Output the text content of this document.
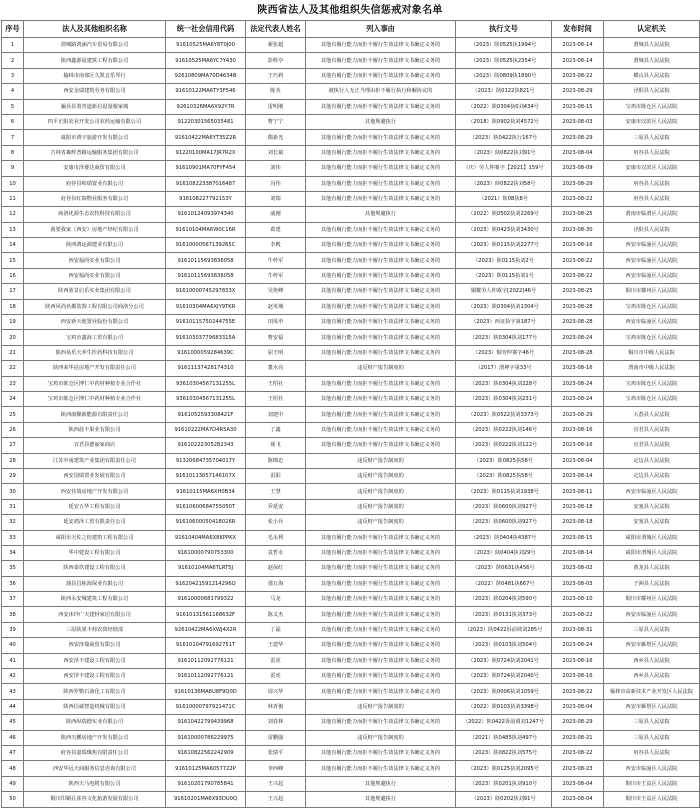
陕西省法人及其他组织失信惩戒对象名单
序号	法人及其他组织名称	统一社会信用代码	法定代表人姓名	列入事由	执行文号	发布时间	认定机关
1	渭城路鸿涵汽车贸易有限公司	91610525MA6Y8T0J00	翟张超	其他有履行能力而拒不履行生效法律文书确定义务的	（2023）陕0525执1994号	2023-08-14	渭城县人民法院
2	陕西鑫源晨建筑工程有限公司	91610525MA6YC7Y430	彭辉亭	其他有履行能力而拒不履行生效法律文书确定义务的	（2023）陕0525执2354号	2023-08-14	渭城县人民法院
3	榆林市南郊区久凯音乐琴行	92610809MA70D4634B	王巧莉	其他有履行能力而拒不履行生效法律文书确定义务的	（2023）陕0809执1890号	2023-08-22	横山县人民法院
4	西安金瑞建筑劳务有限公司	91610122MA6TY3F546	陈英	被执行人无正当理由拒不履行执行和解协议的	（2023）陕0122执821号	2023-08-29	泾阳县人民法院
5	骊县县着青道新启设量服家城	92610326MA6X92Y7R	雷明刚	其他有履行能力而拒不履行生效法律文书确定义务的	（2022）陕0304执0刘434号	2023-08-15	宝鸡市陈仓区人民法院
6	四平正阳农业开发公司农药运输有限公司	91220301565035481	曹宁宁	其他规避执行	（2018）陕0902执刘4572号	2023-08-03	安康市汉滨区人民法院
7	咸阳市鸿宇旅游开发有限公司	91610422MA6YT35Z2R	隋新光	其他有履行能力而拒不履行生效法律文书确定义务的	（2023）陕0422执行167号	2023-08-29	三原县人民法院
8	吉林省森辉普路运输服务集团有限公司	91220100MA17JR7R2X	刘长斌	其他有履行能力而拒不履行生效法律文书确定义务的	（2023）陕0822执刘91号	2023-08-04	府谷县人民法院
9	安康市泽睿达商贸有限公司	91610901MA70FYF454	刘伟	其他有履行能力而拒不履行生效法律文书确定义务的	（庆）劳人仲案字【2021】159号	2023-08-09	安康市汉滨区人民法院
10	府谷县和瑞置业有限公司	916108223387016487	冯伟	其他有履行能力而拒不履行生效法律文书确定义务的	（2023）陕0822执刘58号	2023-08-29	府谷县人民法院
11	府谷县红瑞物业服务有限公司	916108227792153Y	刘瑞	其他有履行能力而拒不履行生效法律文书确定义务的	（2021）陕08执8号	2023-08-22	府谷县人民法院
12	商洛优源生态农牧科技有限公司	91610124093974340	戚刚	其他规避执行	（2022）陕0502执刘2269号	2023-08-25	渭南市临渭区人民法院
13	我要我家（西安）房地产经纪有限公司	91610104MA6W0C16R	葛建	其他有履行能力而拒不履行生效法律文书确定义务的	（2023）陕0423执刘3430号	2023-08-30	泾阳县人民法院
14	陕西鸿运源建业有限公司	91610000567139265C	李殿	其他有履行能力而拒不履行生效法律文书确定义务的	（2023）陕0115执刘2277号	2023-08-16	西安市临潼区人民法院
15	西安福尚实业有限公司	91610115693836058	牛梓军	其他有履行能力而拒不履行生效法律文书确定义务的	（2023）陕0115执刘2号	2023-08-22	西安市临潼区人民法院
16	西安福尚实业有限公司	91610115693836058	牛梓军	其他有履行能力而拒不履行生效法律文书确定义务的	（2023）陕0115执刘1号	2023-08-22	西安市临潼区人民法院
17	陕西蓝景启乐实业集团有限公司	91610000745297833X	吴艳峰	其他有履行能力而拒不履行生效法律文书确定义务的	铜耀劳人仲裁字[2022]46号	2023-08-25	铜川市耀州区人民法院
18	陕西风尚名都装饰工程有限公司商洛分公司	91610304MA6XJY9TKR	赵英城	其他有履行能力而拒不履行生效法律文书确定义务的	（2023）陕0304执刘1304号	2023-08-28	宝鸡市陈仓区人民法院
19	西安新天地置业股份有限公司	91610115750244755E	田凤申	其他有履行能力而拒不履行生效法律文书确定义务的	（2023）西证执字第187号	2023-08-28	西安市临潼区人民法院
20	宝鸡市鑫海工贸有限公司	91610303779683315A	曹安福	其他有履行能力而拒不履行生效法律文书确定义务的	（2023）陕0304执刘177号	2023-08-24	宝鸡市陈仓区人民法院
21	陕西易乐天养生医药科技有限公司	9161000059284639C	屈王明	其他有履行能力而拒不履行生效法律文书确定义务的	（2023）铜劳仲案字46号	2023-08-28	铜川市中级人民法院
22	陕西荣华昆房地产开发有限责任公司	91611137428174310	董水亮	违反财产报告制度的	（2017）渭神字第33号	2023-08-16	渭南市中级人民法院
23	宝鸡市陈仓区博仁中药材种植专业合作社	93610304567131255L	王绍社	其他有履行能力而拒不履行生效法律文书确定义务的	（2023）陕0304执刘228号	2023-08-24	宝鸡市陈仓区人民法院
24	宝鸡市陈仓区博仁中药材种植专业合作社	93610304567131255L	王绍社	其他有履行能力而拒不履行生效法律文书确定义务的	（2023）陕0304执刘231号	2023-08-24	宝鸡市陈仓区人民法院
25	陕西康顺新能源有限责任公司	9161052593308421F	刘建中	其他有履行能力而拒不履行生效法律文书确定义务的	（2023）陕0522执刘3373号	2023-08-29	大荔县人民法院
26	陕西晨丰果业有限公司	91610222MA7D4R5A30	丁鑫	其他有履行能力而拒不履行生效法律文书确定义务的	（2023）陕0222执刘146号	2023-08-16	宜君县人民法院
27	宜君县德丽家商店	91610222305282343	聂飞	其他有履行能力而拒不履行生效法律文书确定义务的	（2023）陕0222执刘122号	2023-08-16	宜君县人民法院
28	江苏中南建筑产业集团有限责任公司	91320684735704017Y	陈锦忠	违反财产报告制度的	（2023）陕0825执58号	2023-08-04	定边县人民法院
29	西安国瑞置业发展有限公司	91610113057146107X	雷阳	违反财产报告制度的	（2023）陕0825执58号	2023-08-14	定边县人民法院
30	西安佳瑞房地产开发有限公司	91610115MA6XH0B34	王慧	违反财产报告制度的	（2023）陕0115执刘1938号	2023-08-11	西安市临潼区人民法院
31	延安五华工程有限公司	91610600684755050T	乔延安	违反财产报告制度的	（2023）陕0600执刘927号	2023-08-18	安塞县人民法院
32	延安鸿泽工贸有限责任公司	91610600050418026R	张小兵	违反财产报告制度的	（2023）陕0600执刘927号	2023-08-18	安塞县人民法院
33	咸阳市天佐之纺建筑工程有限公司	91610404MA6X8KPPKX	毛永利	其他有履行能力而拒不履行生效法律文书确定义务的	（2023）陕0404执4387号	2023-08-15	咸阳市渭城区人民法院
34	华中建设工程有限公司	91610000790753300	袁哲水	其他有履行能力而拒不履行生效法律文书确定义务的	（2023）陕0404执刘29号	2023-08-14	咸阳市渭城区人民法院
35	陕西泰玖建设工程有限公司	91610104MA6TLRT5J	赵保红	其他有履行能力而拒不履行生效法律文书确定义务的	（2023）陕0631执456号	2023-08-02	黄龙县人民法院
36	蒲县昌栋海保业有限公司	91620421591214296Q	那万海	其他有履行能力而拒不履行生效法律文书确定义务的	（2022）陕0481执667号	2023-08-03	子洲县人民法院
37	陕西永安城建筑工程有限公司	91610000681799322	马龙	其他有履行能力而拒不履行生效法律文书确定义务的	（2023）陕0204执刘590号	2023-08-10	铜川市耀州区人民法院
38	西安沐玲广天建材家居有限公司	91610131561168632F	陈义杰	其他有履行能力而拒不履行生效法律文书确定义务的	（2023）陕0131执刘373号	2023-08-22	西安市临潼区人民法院
39	三原陕果丰荷农资经销部	92610422MA6XWJ4X2R	丁磊	其他有履行能力而拒不履行生效法律文书确定义务的	（2023）陕0422诉前调刘285号	2023-08-31	三原县人民法院
40	西安泽瑞商贸有限公司	91610104791692751T	王建华	其他有履行能力而拒不履行生效法律文书确定义务的	（2023）陕0103执刘504号	2023-08-24	西安市雁塔区人民法院
41	西安泽丰建设工程有限公司	91610112092776121	雷虎	其他有履行能力而拒不履行生效法律文书确定义务的	（2023）陕0724执刘2041号	2023-08-16	西乡县人民法院
42	西安泽丰建设工程有限公司	91610112092776121	雷虎	其他有履行能力而拒不履行生效法律文书确定义务的	（2023）陕0724执刘2040号	2023-08-16	西乡县人民法院
43	陕西罗勒石油化工有限公司	91610136MA6U8F9Q0D	周兴华	其他有履行能力而拒不履行生效法律文书确定义务的	（2023）陕0006执刘1059号	2023-08-22	榆林市高新技术产业开发区人民法院
44	陕西信诚智造机械有限公司	91610000797921471C	林青俊	违反财产报告制度的	（2022）陕0103执刘3398号	2023-08-04	西安市雁塔区人民法院
45	陕西纵瑞德实业有限公司	91610422799439968	刘春林	其他有履行能力而拒不履行生效法律文书确定义务的	（2022）陕0422诉前调刘1247号	2023-08-29	三原县人民法院
46	陕西天鹏房地产开发有限公司	91610000786229975	雷鹏强	违反财产报告制度的	（2021）陕0485执刘497号	2023-08-21	三原县人民法院
47	府谷县嘉瑞煤焦有限责任公司	91610822562242909	张瑞平	其他有履行能力而拒不履行生效法律文书确定义务的	（2023）陕0822执刘575号	2023-08-22	府谷县人民法院
48	西安华远天商服务信息咨询有限公司	91610125MA6057722P	李西峰	其他有履行能力而拒不履行生效法律文书确定义务的	（2023）陕0125执刘2095号	2023-08-23	西安市临潼区人民法院
49	陕西天马电缆有限公司	91610201790785841	王兴起	其他规避执行	（2023）陕0201执刘910号	2023-08-04	铜川市王益区人民法院
50	铜川印刷孔雀谷文化旅游发展有限公司	91610201MA6X93DU0Q	王兴起	其他规避执行	（2023）陕0202执刘91号	2023-08-04	铜川市王益区人民法院
